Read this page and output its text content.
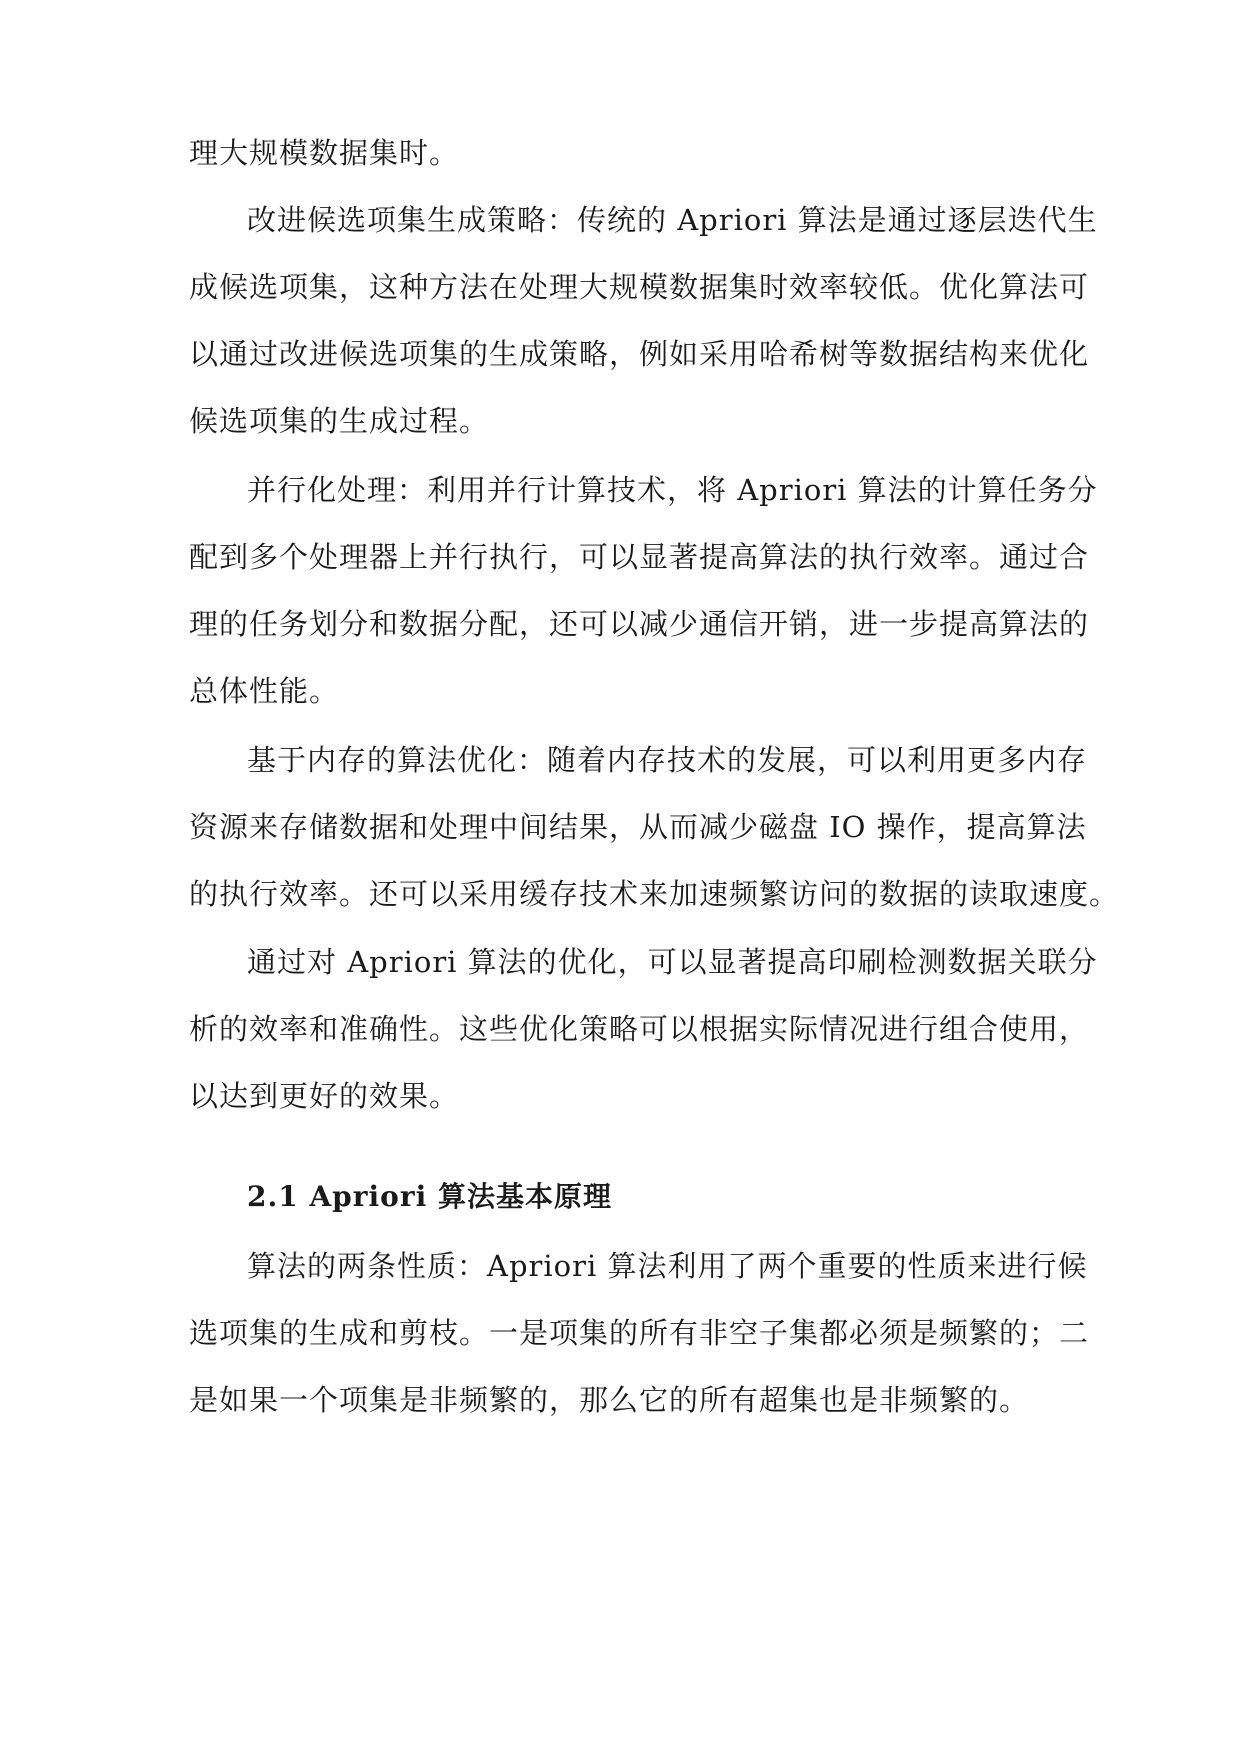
理大规模数据集时。
改进候选项集生成策略：传统的 Apriori 算法是通过逐层迭代生
成候选项集，这种方法在处理大规模数据集时效率较低。优化算法可
以通过改进候选项集的生成策略，例如采用哈希树等数据结构来优化
候选项集的生成过程。
并行化处理：利用并行计算技术，将 Apriori 算法的计算任务分
配到多个处理器上并行执行，可以显著提高算法的执行效率。通过合
理的任务划分和数据分配，还可以减少通信开销，进一步提高算法的
总体性能。
基于内存的算法优化：随着内存技术的发展，可以利用更多内存
资源来存储数据和处理中间结果，从而减少磁盘 IO 操作，提高算法
的执行效率。还可以采用缓存技术来加速频繁访问的数据的读取速度。
通过对 Apriori 算法的优化，可以显著提高印刷检测数据关联分
析的效率和准确性。这些优化策略可以根据实际情况进行组合使用，
以达到更好的效果。
2.1 Apriori 算法基本原理
算法的两条性质：Apriori 算法利用了两个重要的性质来进行候
选项集的生成和剪枝。一是项集的所有非空子集都必须是频繁的；二
是如果一个项集是非频繁的，那么它的所有超集也是非频繁的。
